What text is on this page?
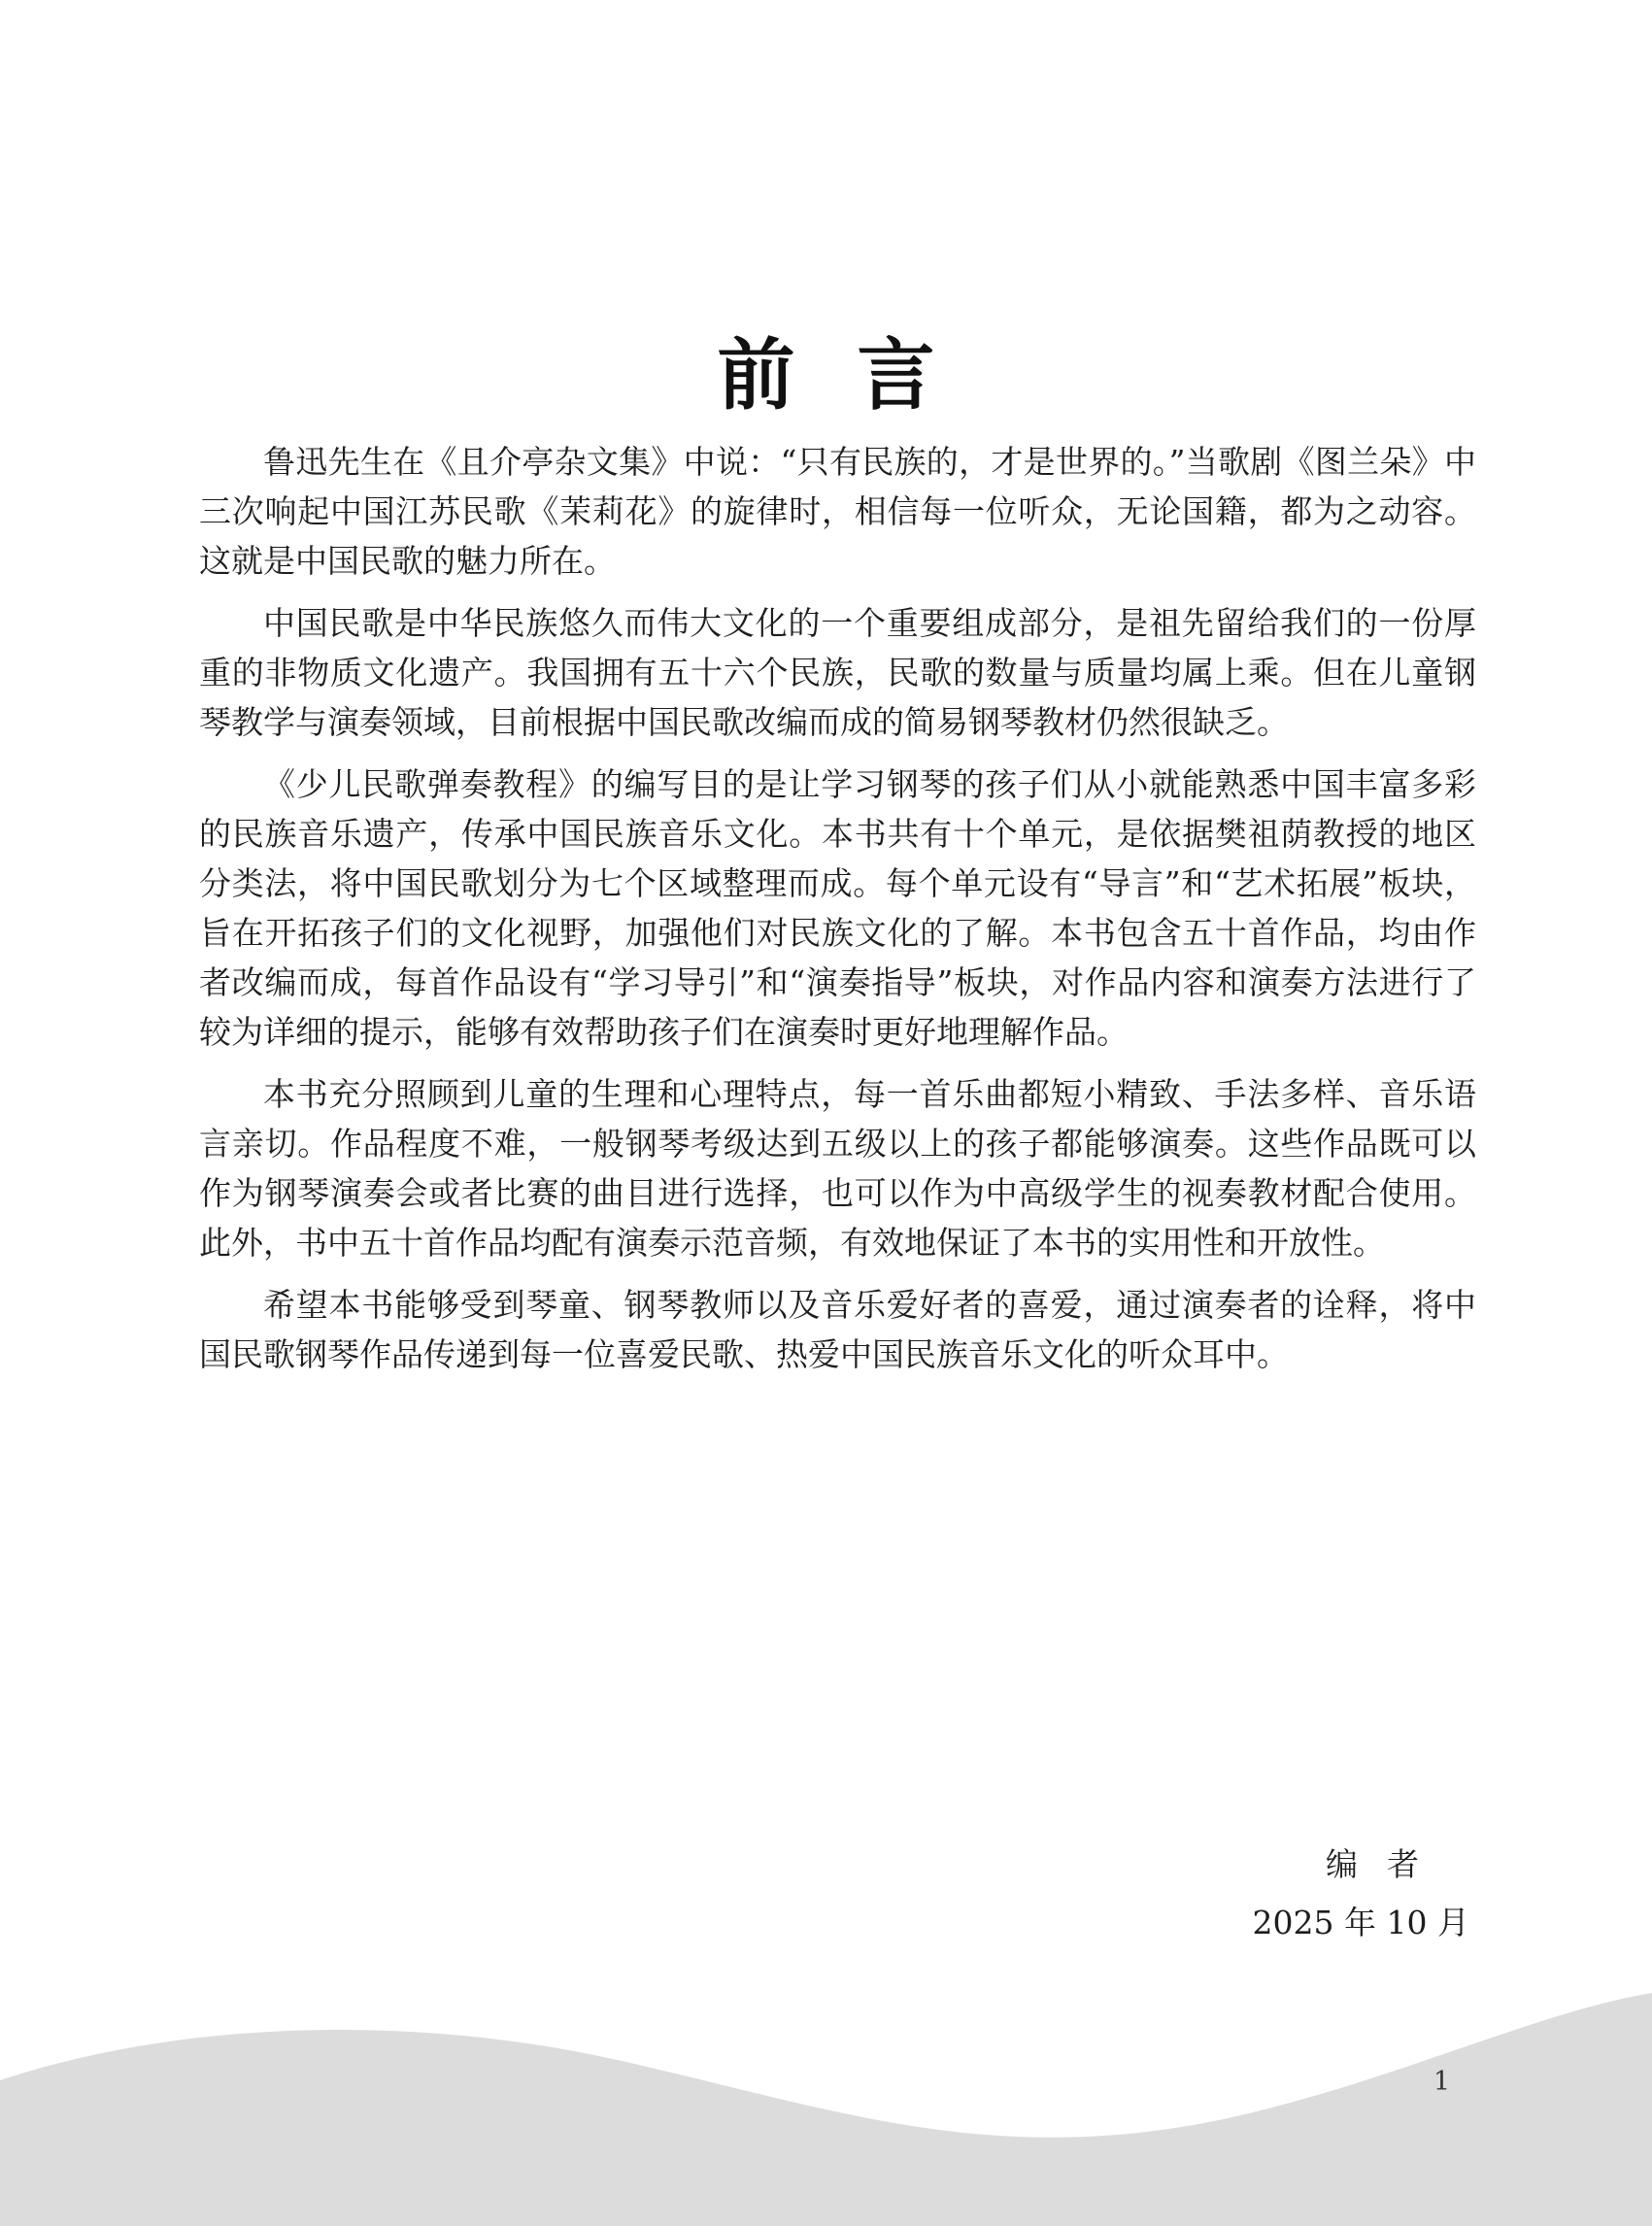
前言

鲁迅先生在《且介亭杂文集》中说：“只有民族的，才是世界的。”当歌剧《图兰朵》中三次响起中国江苏民歌《茉莉花》的旋律时，相信每一位听众，无论国籍，都为之动容。这就是中国民歌的魅力所在。

中国民歌是中华民族悠久而伟大文化的一个重要组成部分，是祖先留给我们的一份厚重的非物质文化遗产。我国拥有五十六个民族，民歌的数量与质量均属上乘。但在儿童钢琴教学与演奏领域，目前根据中国民歌改编而成的简易钢琴教材仍然很缺乏。

《少儿民歌弹奏教程》的编写目的是让学习钢琴的孩子们从小就能熟悉中国丰富多彩的民族音乐遗产，传承中国民族音乐文化。本书共有十个单元，是依据樊祖荫教授的地区分类法，将中国民歌划分为七个区域整理而成。每个单元设有“导言”和“艺术拓展”板块，旨在开拓孩子们的文化视野，加强他们对民族文化的了解。本书包含五十首作品，均由作者改编而成，每首作品设有“学习导引”和“演奏指导”板块，对作品内容和演奏方法进行了较为详细的提示，能够有效帮助孩子们在演奏时更好地理解作品。

本书充分照顾到儿童的生理和心理特点，每一首乐曲都短小精致、手法多样、音乐语言亲切。作品程度不难，一般钢琴考级达到五级以上的孩子都能够演奏。这些作品既可以作为钢琴演奏会或者比赛的曲目进行选择，也可以作为中高级学生的视奏教材配合使用。此外，书中五十首作品均配有演奏示范音频，有效地保证了本书的实用性和开放性。

希望本书能够受到琴童、钢琴教师以及音乐爱好者的喜爱，通过演奏者的诠释，将中国民歌钢琴作品传递到每一位喜爱民歌、热爱中国民族音乐文化的听众耳中。

编者
2025 年 10 月
1
